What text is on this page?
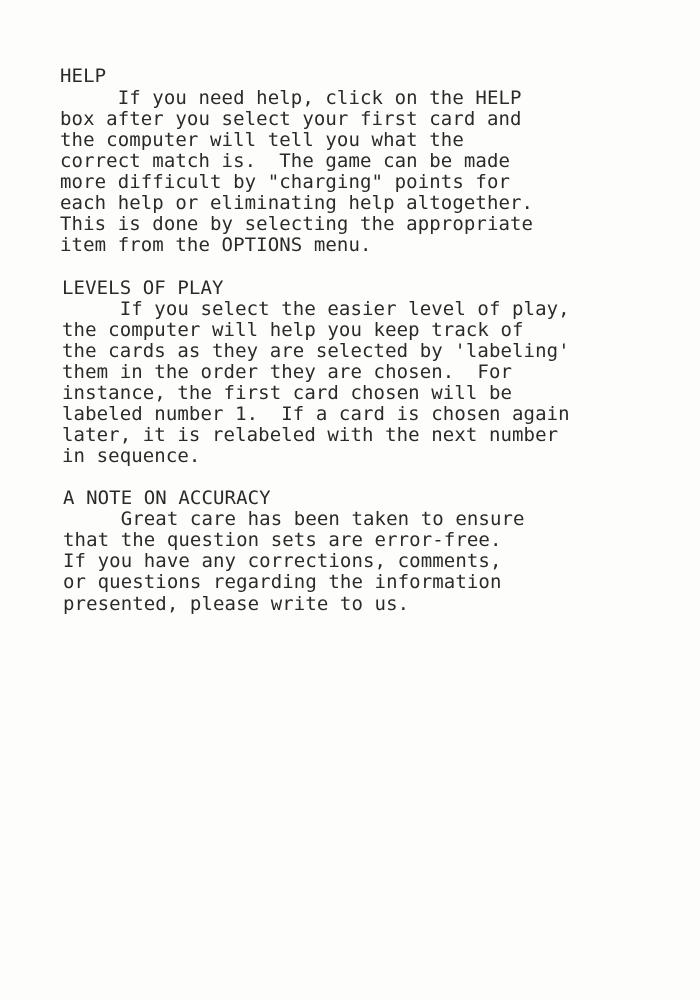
HELP
If you need help, click on the HELP
box after you select your first card and
the computer will tell you what the
correct match is.  The game can be made
more difficult by "charging" points for
each help or eliminating help altogether.
This is done by selecting the appropriate
item from the OPTIONS menu.
LEVELS OF PLAY
If you select the easier level of play,
the computer will help you keep track of
the cards as they are selected by 'labeling'
them in the order they are chosen.  For
instance, the first card chosen will be
labeled number 1.  If a card is chosen again
later, it is relabeled with the next number
in sequence.
A NOTE ON ACCURACY
Great care has been taken to ensure
that the question sets are error-free.
If you have any corrections, comments,
or questions regarding the information
presented, please write to us.
